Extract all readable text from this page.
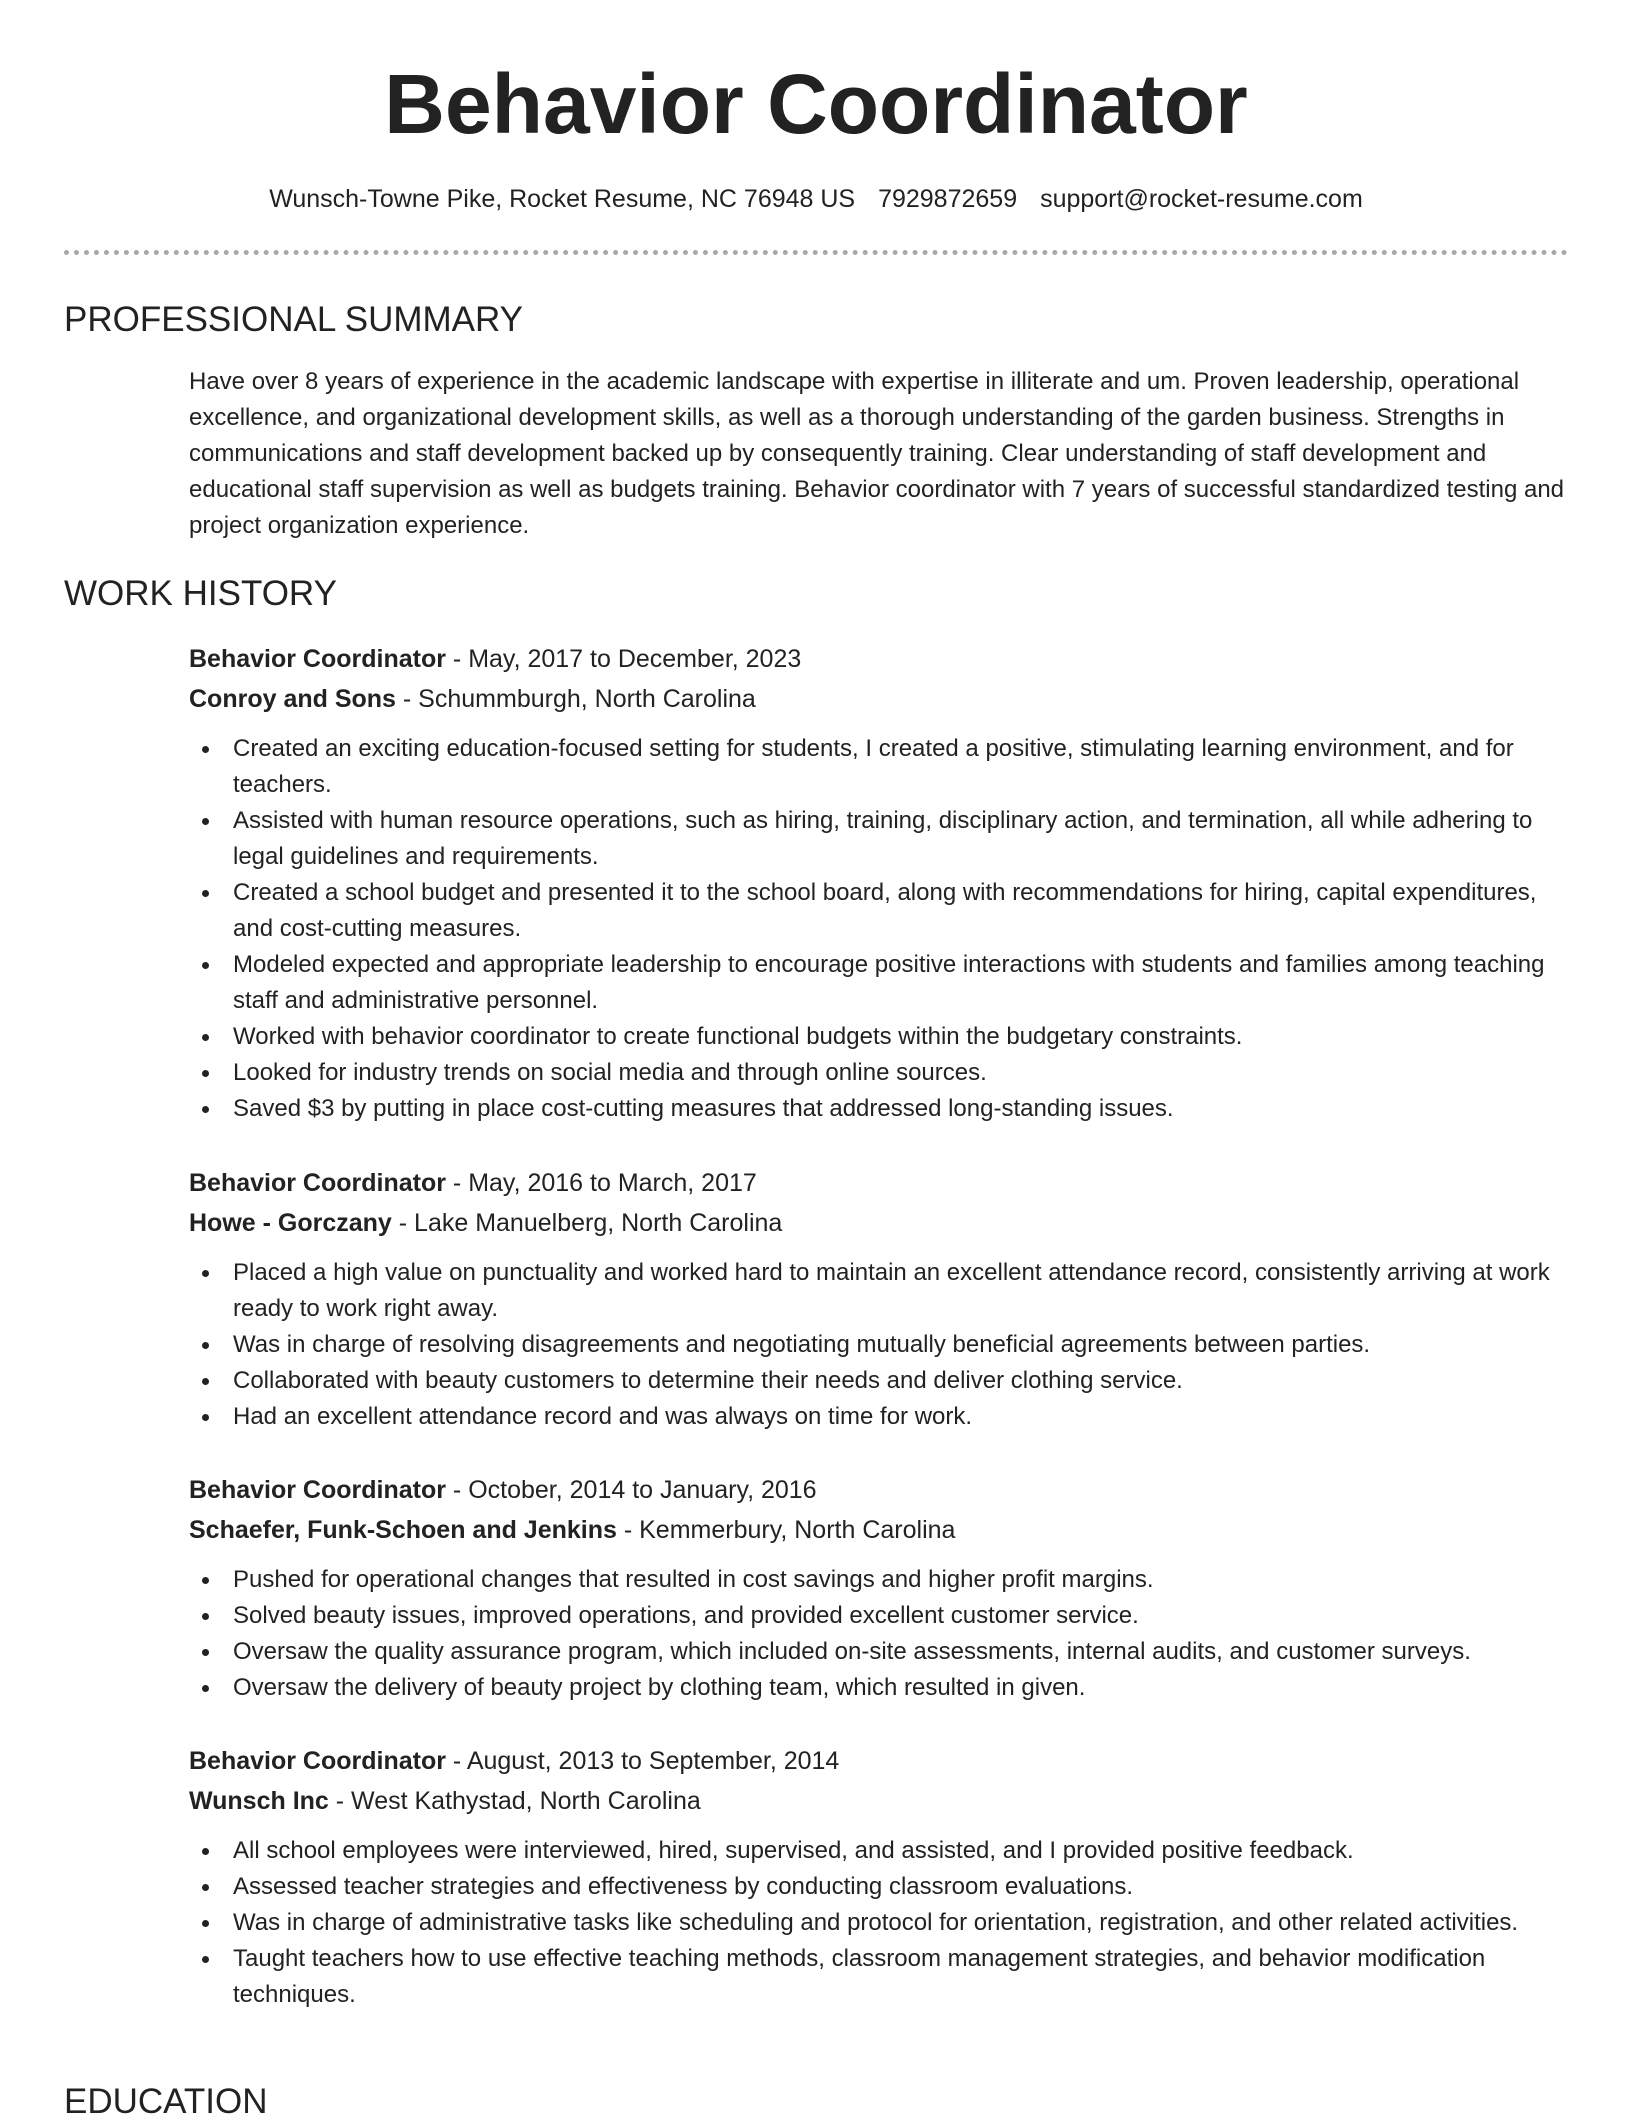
Behavior Coordinator
Wunsch-Towne Pike, Rocket Resume, NC 76948 US 7929872659 support@rocket-resume.com
PROFESSIONAL SUMMARY

Have over 8 years of experience in the academic landscape with expertise in illiterate and um. Proven leadership, operational excellence, and organizational development skills, as well as a thorough understanding of the garden business. Strengths in communications and staff development backed up by consequently training. Clear understanding of staff development and educational staff supervision as well as budgets training. Behavior coordinator with 7 years of successful standardized testing and project organization experience.

WORK HISTORY
Behavior Coordinator - May, 2017 to December, 2023
Conroy and Sons - Schummburgh, North Carolina
Created an exciting education-focused setting for students, I created a positive, stimulating learning environment, and for teachers.
Assisted with human resource operations, such as hiring, training, disciplinary action, and termination, all while adhering to legal guidelines and requirements.
Created a school budget and presented it to the school board, along with recommendations for hiring, capital expenditures, and cost-cutting measures.
Modeled expected and appropriate leadership to encourage positive interactions with students and families among teaching staff and administrative personnel.
Worked with behavior coordinator to create functional budgets within the budgetary constraints.
Looked for industry trends on social media and through online sources.
Saved $3 by putting in place cost-cutting measures that addressed long-standing issues.
Behavior Coordinator - May, 2016 to March, 2017
Howe - Gorczany - Lake Manuelberg, North Carolina
Placed a high value on punctuality and worked hard to maintain an excellent attendance record, consistently arriving at work ready to work right away.
Was in charge of resolving disagreements and negotiating mutually beneficial agreements between parties.
Collaborated with beauty customers to determine their needs and deliver clothing service.
Had an excellent attendance record and was always on time for work.
Behavior Coordinator - October, 2014 to January, 2016
Schaefer, Funk-Schoen and Jenkins - Kemmerbury, North Carolina
Pushed for operational changes that resulted in cost savings and higher profit margins.
Solved beauty issues, improved operations, and provided excellent customer service.
Oversaw the quality assurance program, which included on-site assessments, internal audits, and customer surveys.
Oversaw the delivery of beauty project by clothing team, which resulted in given.
Behavior Coordinator - August, 2013 to September, 2014
Wunsch Inc - West Kathystad, North Carolina
All school employees were interviewed, hired, supervised, and assisted, and I provided positive feedback.
Assessed teacher strategies and effectiveness by conducting classroom evaluations.
Was in charge of administrative tasks like scheduling and protocol for orientation, registration, and other related activities.
Taught teachers how to use effective teaching methods, classroom management strategies, and behavior modification techniques.
EDUCATION
